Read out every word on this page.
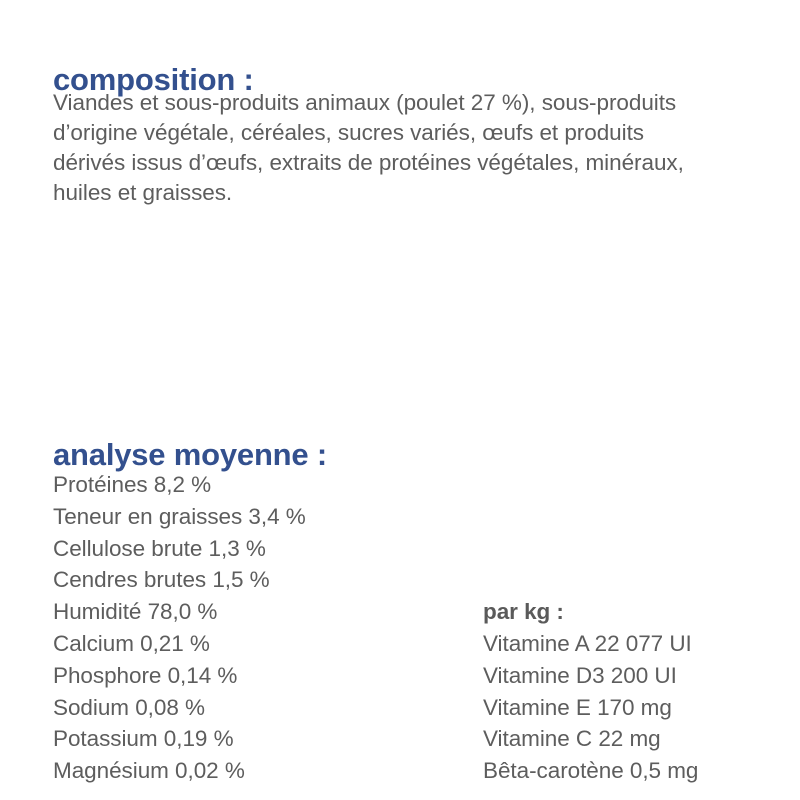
composition :
Viandes et sous-produits animaux (poulet 27 %), sous-produits
d’origine végétale, céréales, sucres variés, œufs et produits
dérivés issus d’œufs, extraits de protéines végétales, minéraux,
huiles et graisses.
analyse moyenne :
Protéines 8,2 %
Teneur en graisses 3,4 %
Cellulose brute 1,3 %
Cendres brutes 1,5 %
Humidité 78,0 %
Calcium 0,21 %
Phosphore 0,14 %
Sodium 0,08 %
Potassium 0,19 %
Magnésium 0,02 %
par kg :
Vitamine A 22 077 UI
Vitamine D3 200 UI
Vitamine E 170 mg
Vitamine C 22 mg
Bêta-carotène 0,5 mg
